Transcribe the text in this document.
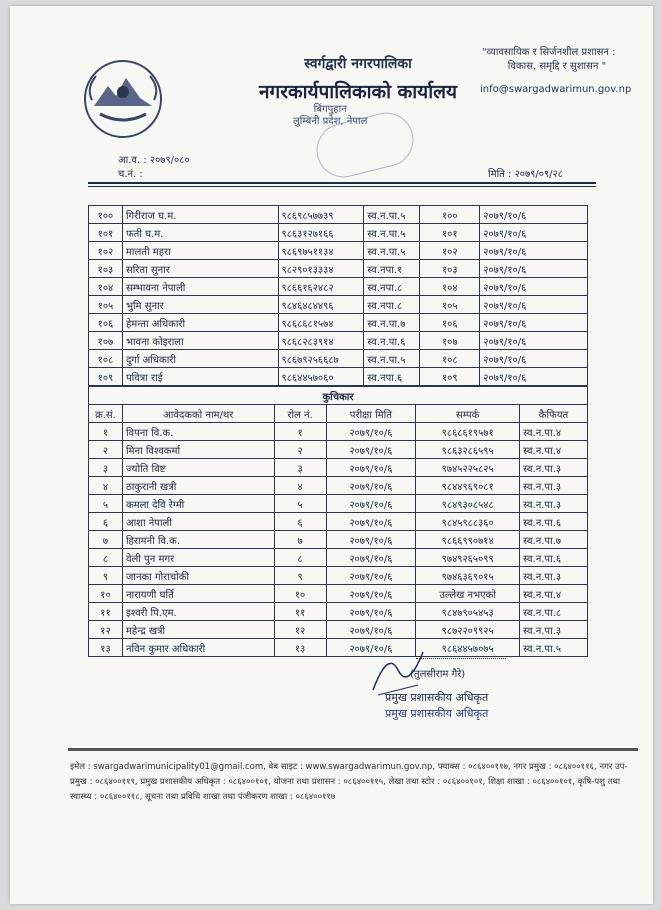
स्वर्गद्वारी नगरपालिका
नगरकार्यपालिकाको कार्यालय
"व्यावसायिक र सिर्जनशील प्रशासन :
विकास, समृद्दि र सुशासन "
info@swargadwarimun.gov.np
बिंगपुहान
लुम्बिनी प्रदेश, नेपाल
आ.व. : २०७९/०८०
च.नं. :	मिति : २०७९/०९/२८
१००	गिरीराज घ.म.	९८६९८५७७३९	स्व.न.पा.५	१००	२०७९/१०/६
१०१	फती घ.म.	९८६३१२७१६६	स्व.न.पा.५	१०१	२०७९/१०/६
१०२	मालती महरा	९८६९७५११३४	स्व.न.पा.५	१०२	२०७९/१०/६
१०३	सरिता सुनार	९८२९०१३३३४	स्व.नपा.१	१०३	२०७९/१०/६
१०४	सम्भावना नेपाली	९८६६१६२४८२	स्व.नपा.८	१०४	२०७९/१०/६
१०५	भुमि सुनार	९८४६४८४४९६	स्व.नपा.८	१०५	२०७९/१०/६
१०६	हेमन्ता अधिकारी	९८६८६८१५७४	स्व.न.पा.७	१०६	२०७९/१०/६
१०७	भावना कोइराला	९८६८२८३९१४	स्व.न.पा.६	१०७	२०७९/१०/६
१०८	दुर्गा अधिकारी	९८६७९२५६६८७	स्व.न.पा.५	१०८	२०७९/१०/६
१०९	पवित्रा राई	९८६४४५७०६०	स्व.नपा.६	१०९	२०७९/१०/६
कुचिकार					
क्र.सं.	आवेदकको नाम/थर	रोल नं.	परीक्षा मिति	सम्पर्क	कैफियत
१	विपना वि.क.	१	२०७९/१०/६	९८६८६१९५७१	स्व.न.पा.४
२	मिना विश्वकर्मा	२	२०७९/१०/६	९८६३२८६५९५	स्व.न.पा.४
३	ज्योति विष्ट	३	२०७९/१०/६	९७४५२२५८२५	स्व.न.पा.३
४	ठाकुरानी खत्री	४	२०७९/१०/६	९८४४९६९०८१	स्व.न.पा.३
५	कमला देवि रेग्मी	५	२०७९/१०/६	९८४९३०८५४८	स्व.न.पा.३
६	आशा नेपाली	६	२०७९/१०/६	९८४५९८८३६०	स्व.न.पा.६
७	हिरामनी वि.क.	७	२०७९/१०/६	९८६६९९०७१४	स्व.न.पा.७
८	वेली पुन मगर	८	२०७९/१०/६	९७४९२६५०९९	स्व.न.पा.६
९	जानका गोराचोकी	९	२०७९/१०/६	९७४६३६९०१५	स्व.न.पा.३
१०	नारायणी घर्ति	१०	२०७९/१०/६	उल्लेख नभएको	स्व.न.पा.४
११	इश्वरी पि.एम.	११	२०७९/१०/६	९८४७९०५४५३	स्व.न.पा.८
१२	महेन्द्र खत्री	१२	२०७९/१०/६	९८७२२०९९२५	स्व.न.पा.३
१३	नविन कुमार अधिकारी	१३	२०७९/१०/६	९८६४४५७०७५	स्व.न.पा.५
(तुलसीराम गैरे)
प्रमुख प्रशासकीय अधिकृत
प्रमुख प्रशासकीय अधिकृत
इमेल : swargadwarimunicipality01@gmail.com, वेब साइट : www.swargadwarimun.gov.np, फ्याक्स : ०८६४००११७, नगर प्रमुख : ०८६४००११६, नगर उप-प्रमुख : ०८६४००११९, प्रमुख प्रशासकीय अधिकृत : ०८६४००१०१, योजना तथा प्रशासन : ०८६४००११५, लेखा तथा स्टोर : ०८६४००१०१, शिक्षा शाखा : ०८६४००१०१, कृषि-पशु तथा स्वास्थ्य : ०८६४००११८, सूचना तथा प्रविधि शाखा तथा पंजीकरण शाखा : ०८६४००११७
